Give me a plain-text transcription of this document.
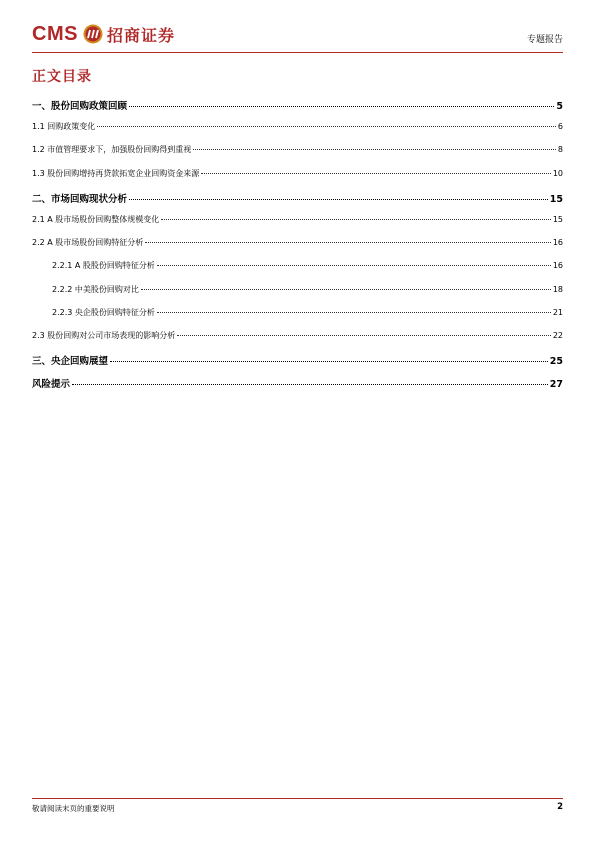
CMS 招商证券	专题报告
正文目录
一、股份回购政策回顾	5
1.1 回购政策变化	6
1.2 市值管理要求下，加强股份回购得到重视	8
1.3 股份回购增持再贷款拓宽企业回购资金来源	10
二、市场回购现状分析	15
2.1 A 股市场股份回购整体规模变化	15
2.2 A 股市场股份回购特征分析	16
2.2.1 A 股股份回购特征分析	16
2.2.2 中美股份回购对比	18
2.2.3 央企股份回购特征分析	21
2.3 股份回购对公司市场表现的影响分析	22
三、央企回购展望	25
风险提示	27
敬请阅读末页的重要说明	2
